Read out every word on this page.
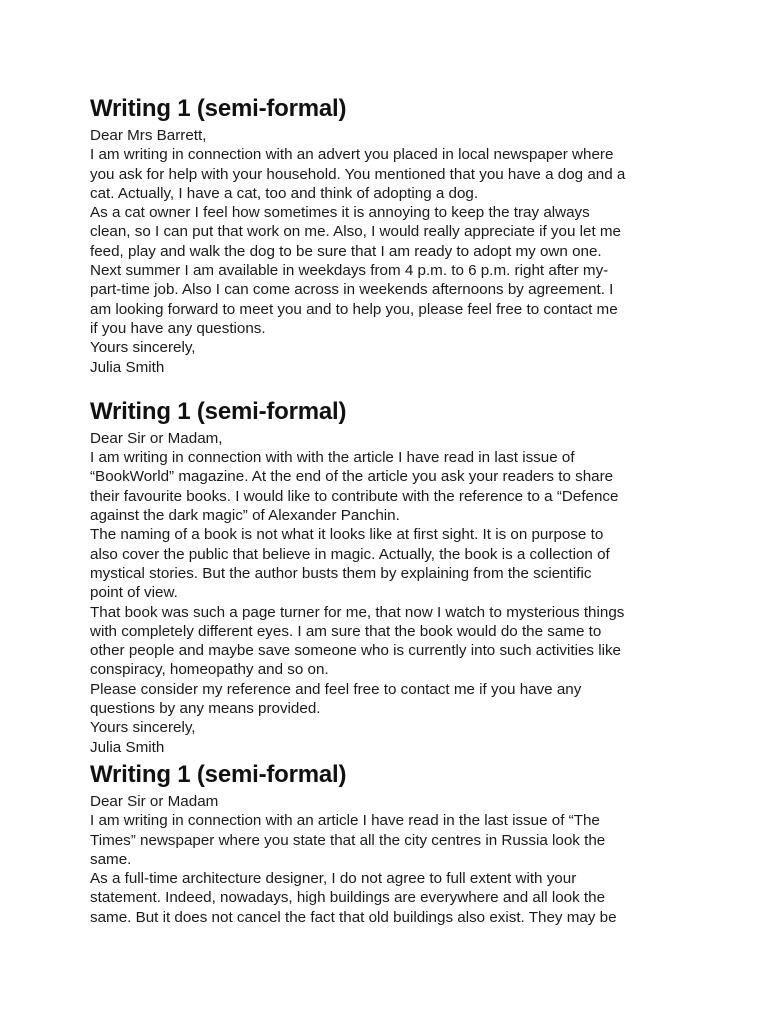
Writing 1 (semi-formal)

Dear Mrs Barrett,

I am writing in connection with an advert you placed in local newspaper where

you ask for help with your household. You mentioned that you have a dog and a

cat. Actually, I have a cat, too and think of adopting a dog.

As a cat owner I feel how sometimes it is annoying to keep the tray always

clean, so I can put that work on me. Also, I would really appreciate if you let me

feed, play and walk the dog to be sure that I am ready to adopt my own one.

Next summer I am available in weekdays from 4 p.m. to 6 p.m. right after my-

part-time job. Also I can come across in weekends afternoons by agreement. I

am looking forward to meet you and to help you, please feel free to contact me

if you have any questions.

Yours sincerely,

Julia Smith

Writing 1 (semi-formal)

Dear Sir or Madam,

I am writing in connection with with the article I have read in last issue of

“BookWorld” magazine. At the end of the article you ask your readers to share

their favourite books. I would like to contribute with the reference to a “Defence

against the dark magic” of Alexander Panchin.

The naming of a book is not what it looks like at first sight. It is on purpose to

also cover the public that believe in magic. Actually, the book is a collection of

mystical stories. But the author busts them by explaining from the scientific

point of view.

That book was such a page turner for me, that now I watch to mysterious things

with completely different eyes. I am sure that the book would do the same to

other people and maybe save someone who is currently into such activities like

conspiracy, homeopathy and so on.

Please consider my reference and feel free to contact me if you have any

questions by any means provided.

Yours sincerely,

Julia Smith

Writing 1 (semi-formal)

Dear Sir or Madam

I am writing in connection with an article I have read in the last issue of “The

Times” newspaper where you state that all the city centres in Russia look the

same.

As a full-time architecture designer, I do not agree to full extent with your

statement. Indeed, nowadays, high buildings are everywhere and all look the

same. But it does not cancel the fact that old buildings also exist. They may be
